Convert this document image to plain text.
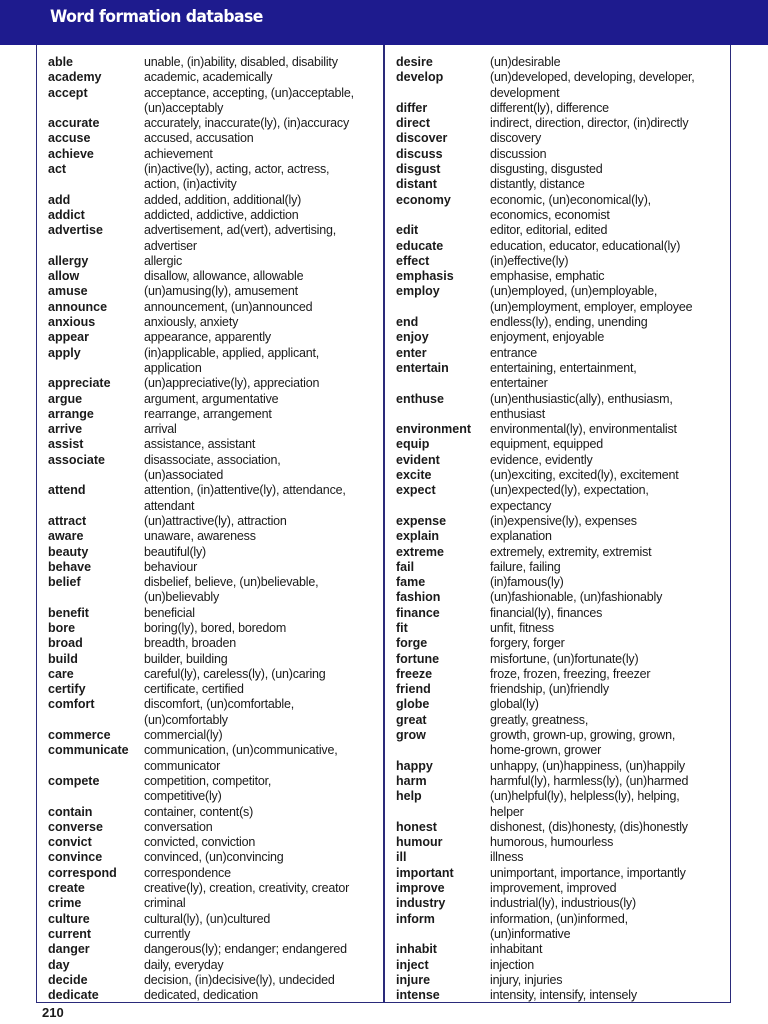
Word formation database
able	unable, (in)ability, disabled, disability
academy	academic, academically
accept	acceptance, accepting, (un)acceptable,
(un)acceptably
accurate	accurately, inaccurate(ly), (in)accuracy
accuse	accused, accusation
achieve	achievement
act	(in)active(ly), acting, actor, actress,
action, (in)activity
add	added, addition, additional(ly)
addict	addicted, addictive, addiction
advertise	advertisement, ad(vert), advertising,
advertiser
allergy	allergic
allow	disallow, allowance, allowable
amuse	(un)amusing(ly), amusement
announce	announcement, (un)announced
anxious	anxiously, anxiety
appear	appearance, apparently
apply	(in)applicable, applied, applicant,
application
appreciate	(un)appreciative(ly), appreciation
argue	argument, argumentative
arrange	rearrange, arrangement
arrive	arrival
assist	assistance, assistant
associate	disassociate, association,
(un)associated
attend	attention, (in)attentive(ly), attendance,
attendant
attract	(un)attractive(ly), attraction
aware	unaware, awareness
beauty	beautiful(ly)
behave	behaviour
belief	disbelief, believe, (un)believable,
(un)believably
benefit	beneficial
bore	boring(ly), bored, boredom
broad	breadth, broaden
build	builder, building
care	careful(ly), careless(ly), (un)caring
certify	certificate, certified
comfort	discomfort, (un)comfortable,
(un)comfortably
commerce	commercial(ly)
communicate	communication, (un)communicative,
communicator
compete	competition, competitor,
competitive(ly)
contain	container, content(s)
converse	conversation
convict	convicted, conviction
convince	convinced, (un)convincing
correspond	correspondence
create	creative(ly), creation, creativity, creator
crime	criminal
culture	cultural(ly), (un)cultured
current	currently
danger	dangerous(ly); endanger; endangered
day	daily, everyday
decide	decision, (in)decisive(ly), undecided
dedicate	dedicated, dedication
desire	(un)desirable
develop	(un)developed, developing, developer,
development
differ	different(ly), difference
direct	indirect, direction, director, (in)directly
discover	discovery
discuss	discussion
disgust	disgusting, disgusted
distant	distantly, distance
economy	economic, (un)economical(ly),
economics, economist
edit	editor, editorial, edited
educate	education, educator, educational(ly)
effect	(in)effective(ly)
emphasis	emphasise, emphatic
employ	(un)employed, (un)employable,
(un)employment, employer, employee
end	endless(ly), ending, unending
enjoy	enjoyment, enjoyable
enter	entrance
entertain	entertaining, entertainment,
entertainer
enthuse	(un)enthusiastic(ally), enthusiasm,
enthusiast
environment	environmental(ly), environmentalist
equip	equipment, equipped
evident	evidence, evidently
excite	(un)exciting, excited(ly), excitement
expect	(un)expected(ly), expectation,
expectancy
expense	(in)expensive(ly), expenses
explain	explanation
extreme	extremely, extremity, extremist
fail	failure, failing
fame	(in)famous(ly)
fashion	(un)fashionable, (un)fashionably
finance	financial(ly), finances
fit	unfit, fitness
forge	forgery, forger
fortune	misfortune, (un)fortunate(ly)
freeze	froze, frozen, freezing, freezer
friend	friendship, (un)friendly
globe	global(ly)
great	greatly, greatness,
grow	growth, grown-up, growing, grown,
home-grown, grower
happy	unhappy, (un)happiness, (un)happily
harm	harmful(ly), harmless(ly), (un)harmed
help	(un)helpful(ly), helpless(ly), helping,
helper
honest	dishonest, (dis)honesty, (dis)honestly
humour	humorous, humourless
ill	illness
important	unimportant, importance, importantly
improve	improvement, improved
industry	industrial(ly), industrious(ly)
inform	information, (un)informed,
(un)informative
inhabit	inhabitant
inject	injection
injure	injury, injuries
intense	intensity, intensify, intensely
210
